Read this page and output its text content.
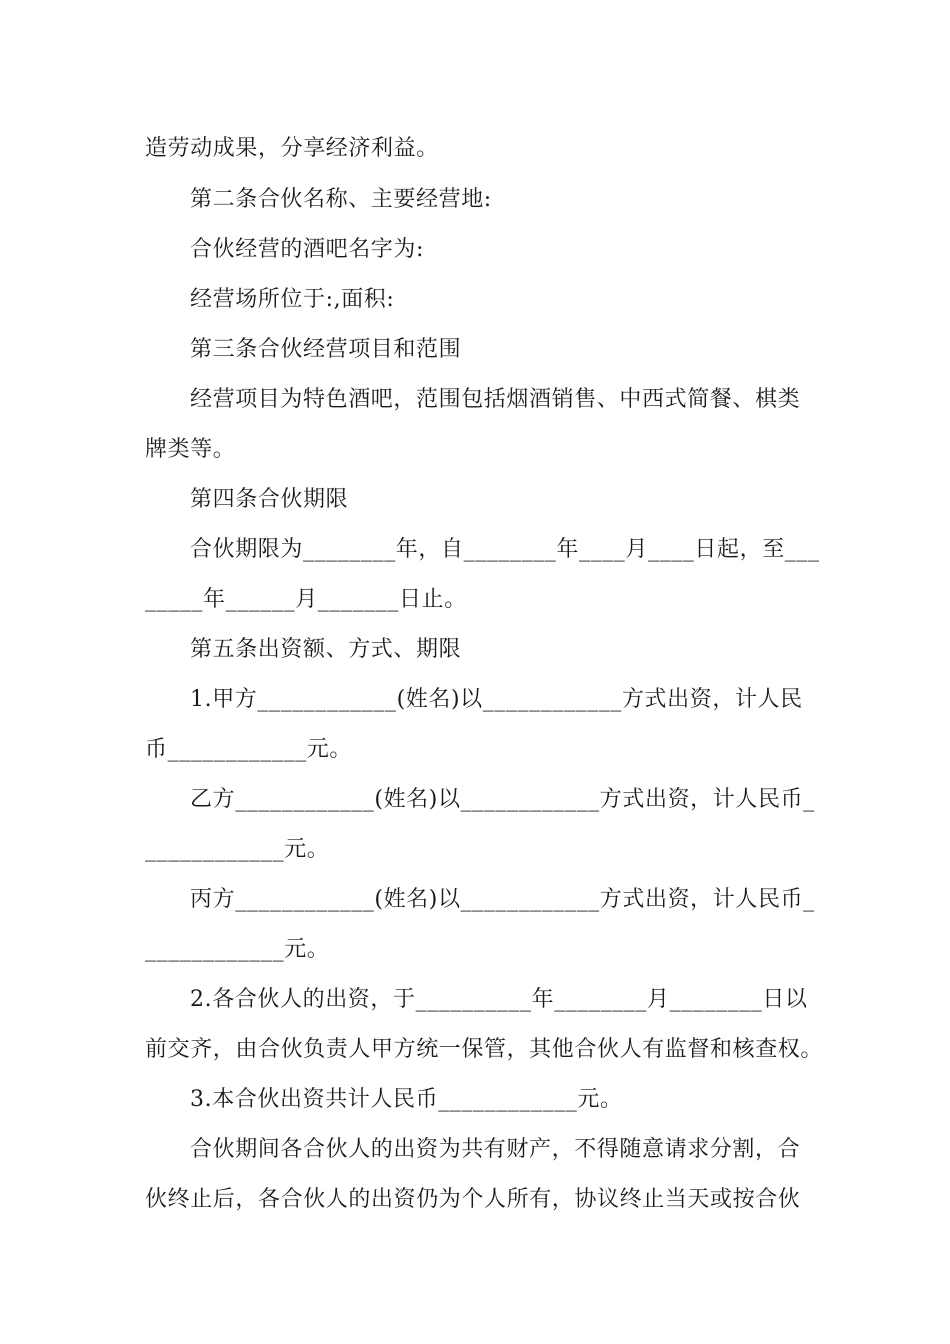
造劳动成果，分享经济利益。
第二条合伙名称、主要经营地:
合伙经营的酒吧名字为:
经营场所位于:,面积:
第三条合伙经营项目和范围
经营项目为特色酒吧，范围包括烟酒销售、中西式简餐、棋类
牌类等。
第四条合伙期限
合伙期限为________年，自________年____月____日起，至___
_____年______月_______日止。
第五条出资额、方式、期限
1.甲方____________(姓名)以____________方式出资，计人民
币____________元。
乙方____________(姓名)以____________方式出资，计人民币_
____________元。
丙方____________(姓名)以____________方式出资，计人民币_
____________元。
2.各合伙人的出资，于__________年________月________日以
前交齐，由合伙负责人甲方统一保管，其他合伙人有监督和核查权。
3.本合伙出资共计人民币____________元。
合伙期间各合伙人的出资为共有财产，不得随意请求分割，合
伙终止后，各合伙人的出资仍为个人所有，协议终止当天或按合伙
